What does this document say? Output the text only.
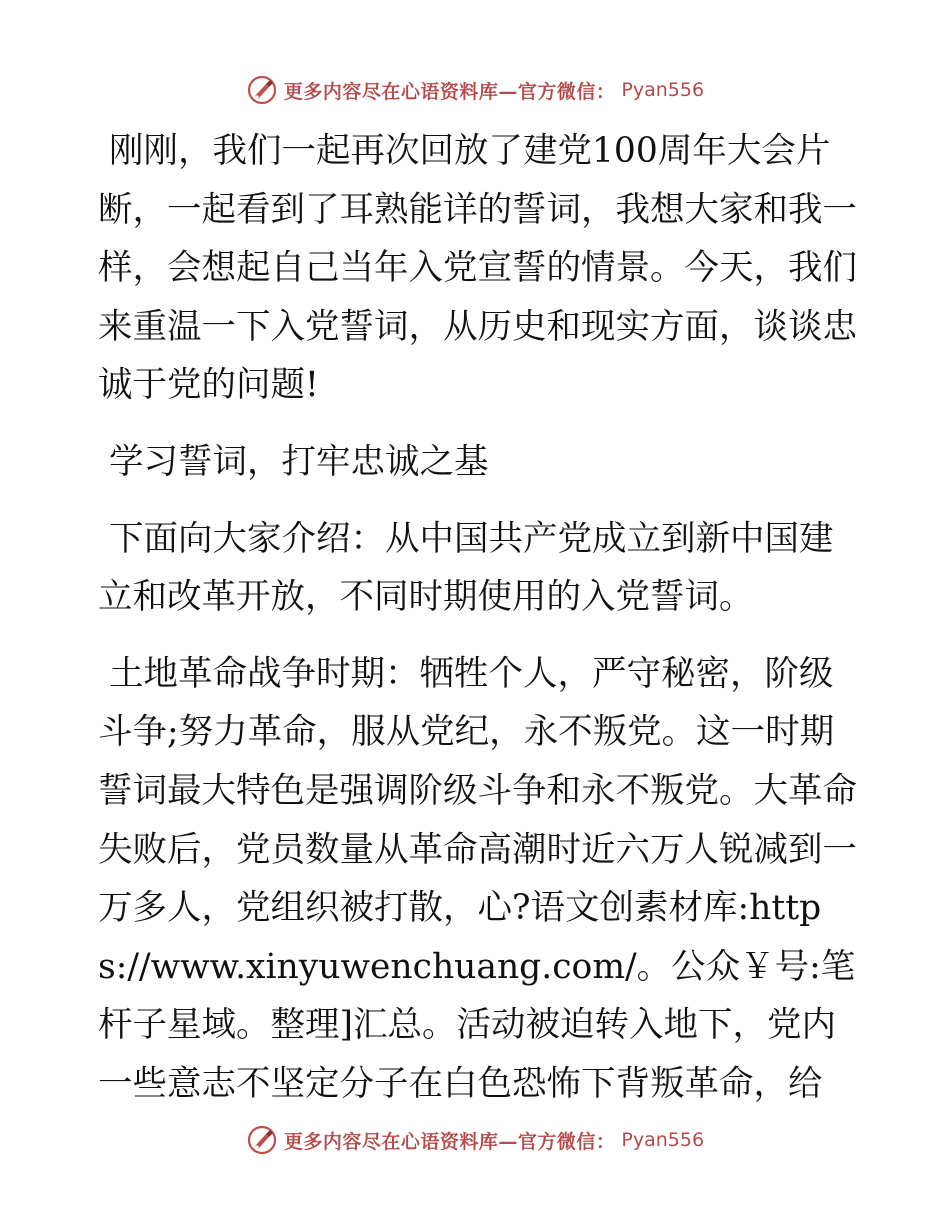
更多内容尽在心语资料库—官方微信： Pyan556

刚刚，我们一起再次回放了建党100周年大会片断，一起看到了耳熟能详的誓词，我想大家和我一样，会想起自己当年入党宣誓的情景。今天，我们来重温一下入党誓词，从历史和现实方面，谈谈忠诚于党的问题!

学习誓词，打牢忠诚之基

下面向大家介绍：从中国共产党成立到新中国建立和改革开放，不同时期使用的入党誓词。

土地革命战争时期：牺牲个人，严守秘密，阶级斗争;努力革命，服从党纪，永不叛党。这一时期誓词最大特色是强调阶级斗争和永不叛党。大革命失败后，党员数量从革命高潮时近六万人锐减到一万多人，党组织被打散，心?语文创素材库:https://www.xinyuwenchuang.com/。公众￥号:笔杆子星域。整理]汇总。活动被迫转入地下，党内一些意志不坚定分子在白色恐怖下背叛革命，给

更多内容尽在心语资料库—官方微信： Pyan556
